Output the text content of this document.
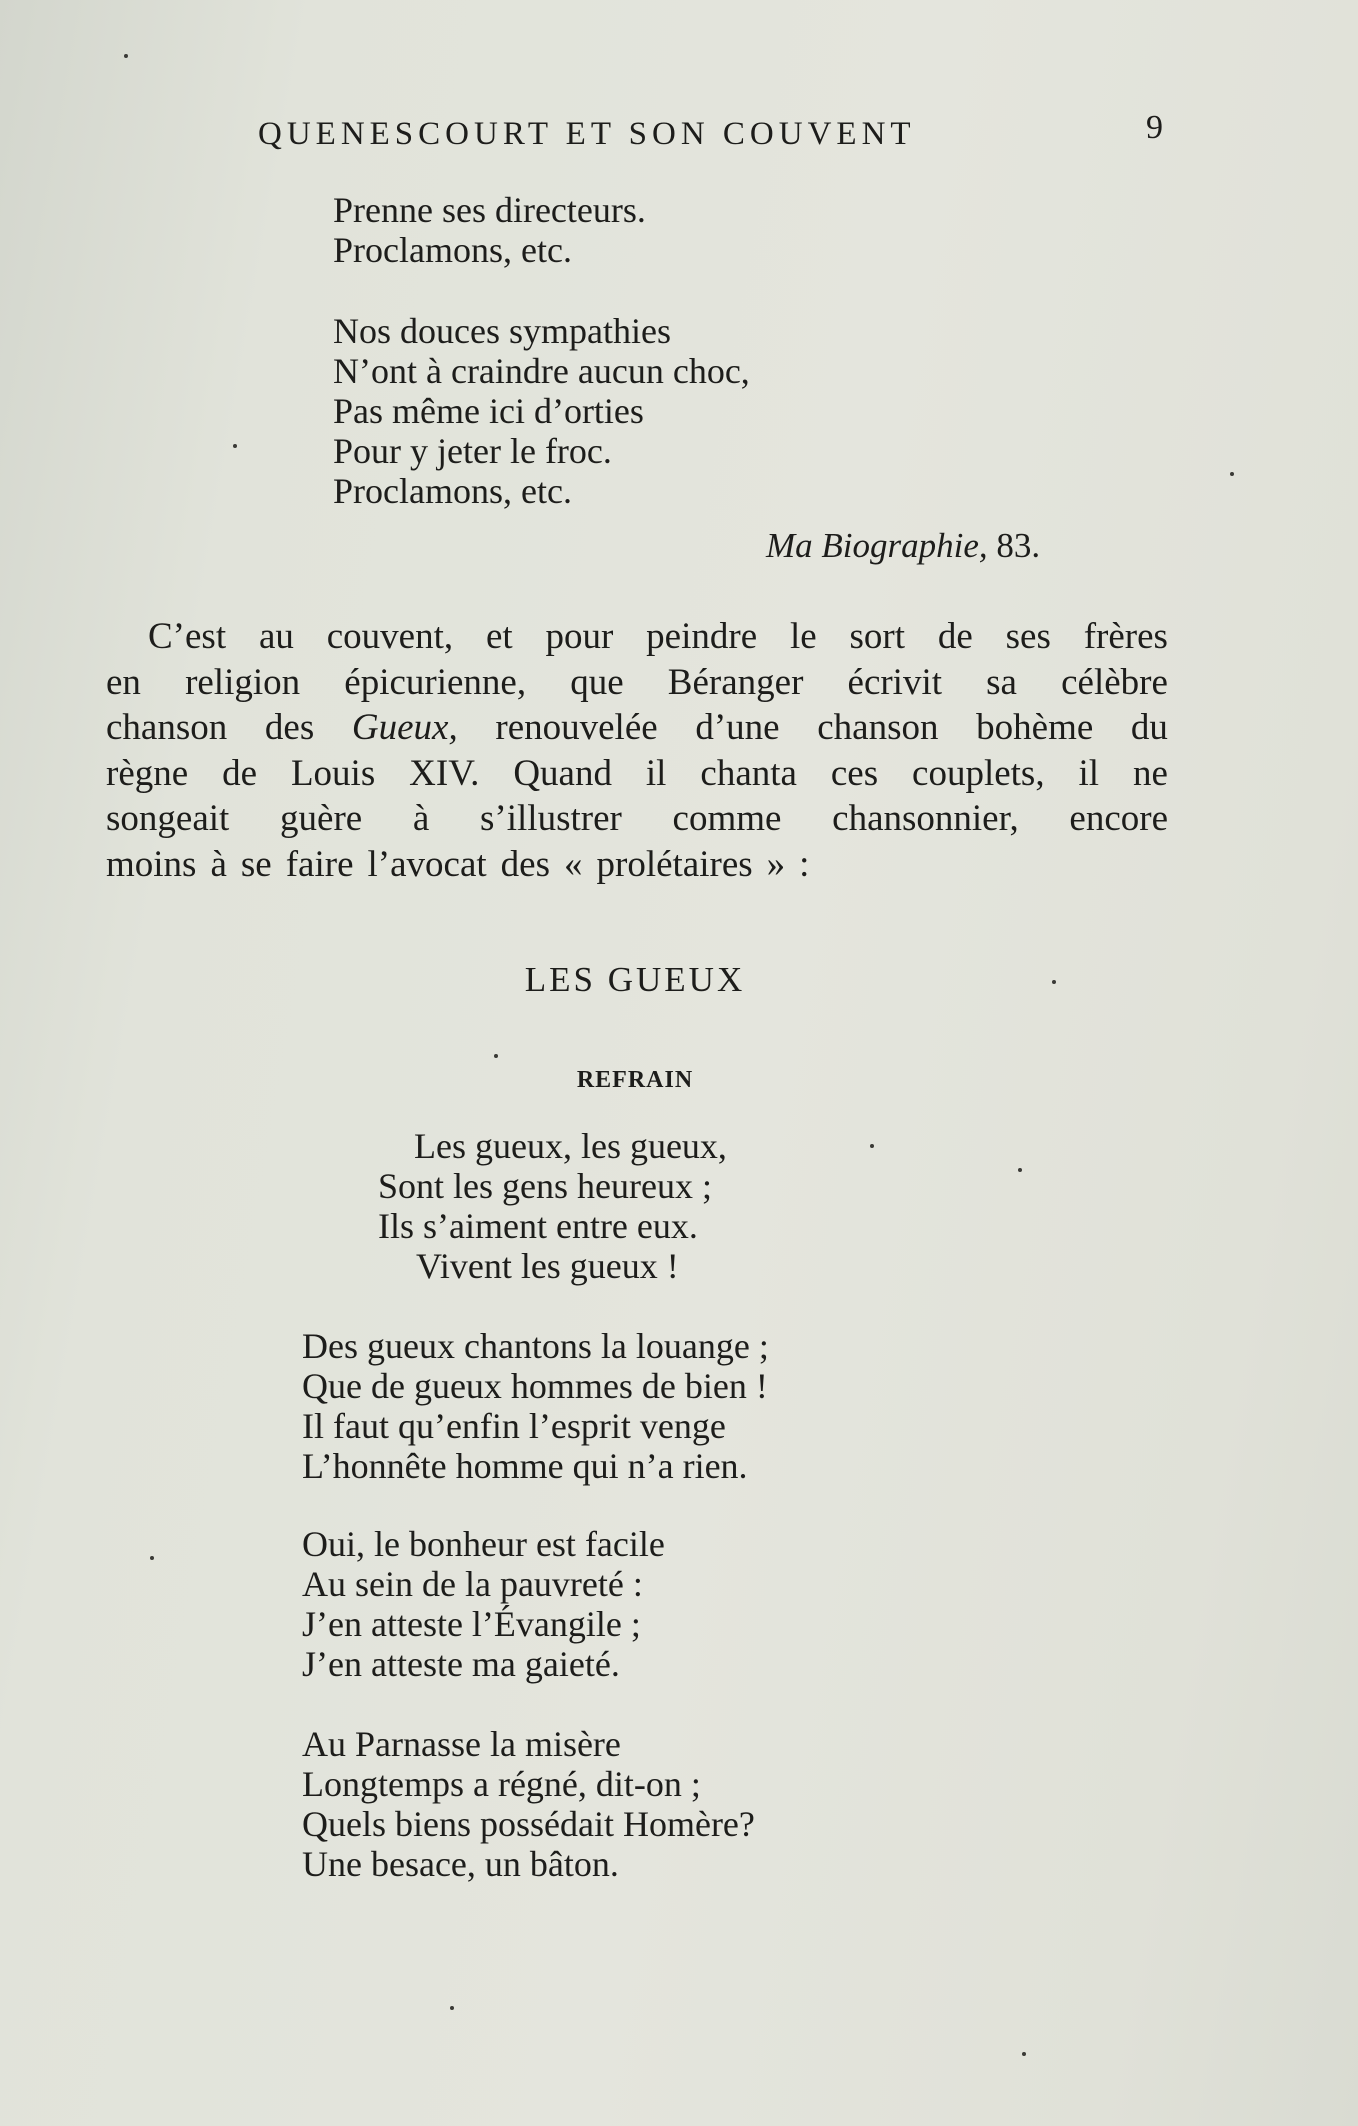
QUENESCOURT ET SON COUVENT	9
Prenne ses directeurs.
Proclamons, etc.
Nos douces sympathies
N’ont à craindre aucun choc,
Pas même ici d’orties
Pour y jeter le froc.
Proclamons, etc.
Ma Biographie, 83.
C’est au couvent, et pour peindre le sort de ses frères
en religion épicurienne, que Béranger écrivit sa célèbre
chanson des Gueux, renouvelée d’une chanson bohème du
règne de Louis XIV. Quand il chanta ces couplets, il ne
songeait guère à s’illustrer comme chansonnier, encore
moins à se faire l’avocat des « prolétaires » :
LES GUEUX
REFRAIN
Les gueux, les gueux,
Sont les gens heureux ;
Ils s’aiment entre eux.
Vivent les gueux !
Des gueux chantons la louange ;
Que de gueux hommes de bien !
Il faut qu’enfin l’esprit venge
L’honnête homme qui n’a rien.
Oui, le bonheur est facile
Au sein de la pauvreté :
J’en atteste l’Évangile ;
J’en atteste ma gaieté.
Au Parnasse la misère
Longtemps a régné, dit-on ;
Quels biens possédait Homère?
Une besace, un bâton.
